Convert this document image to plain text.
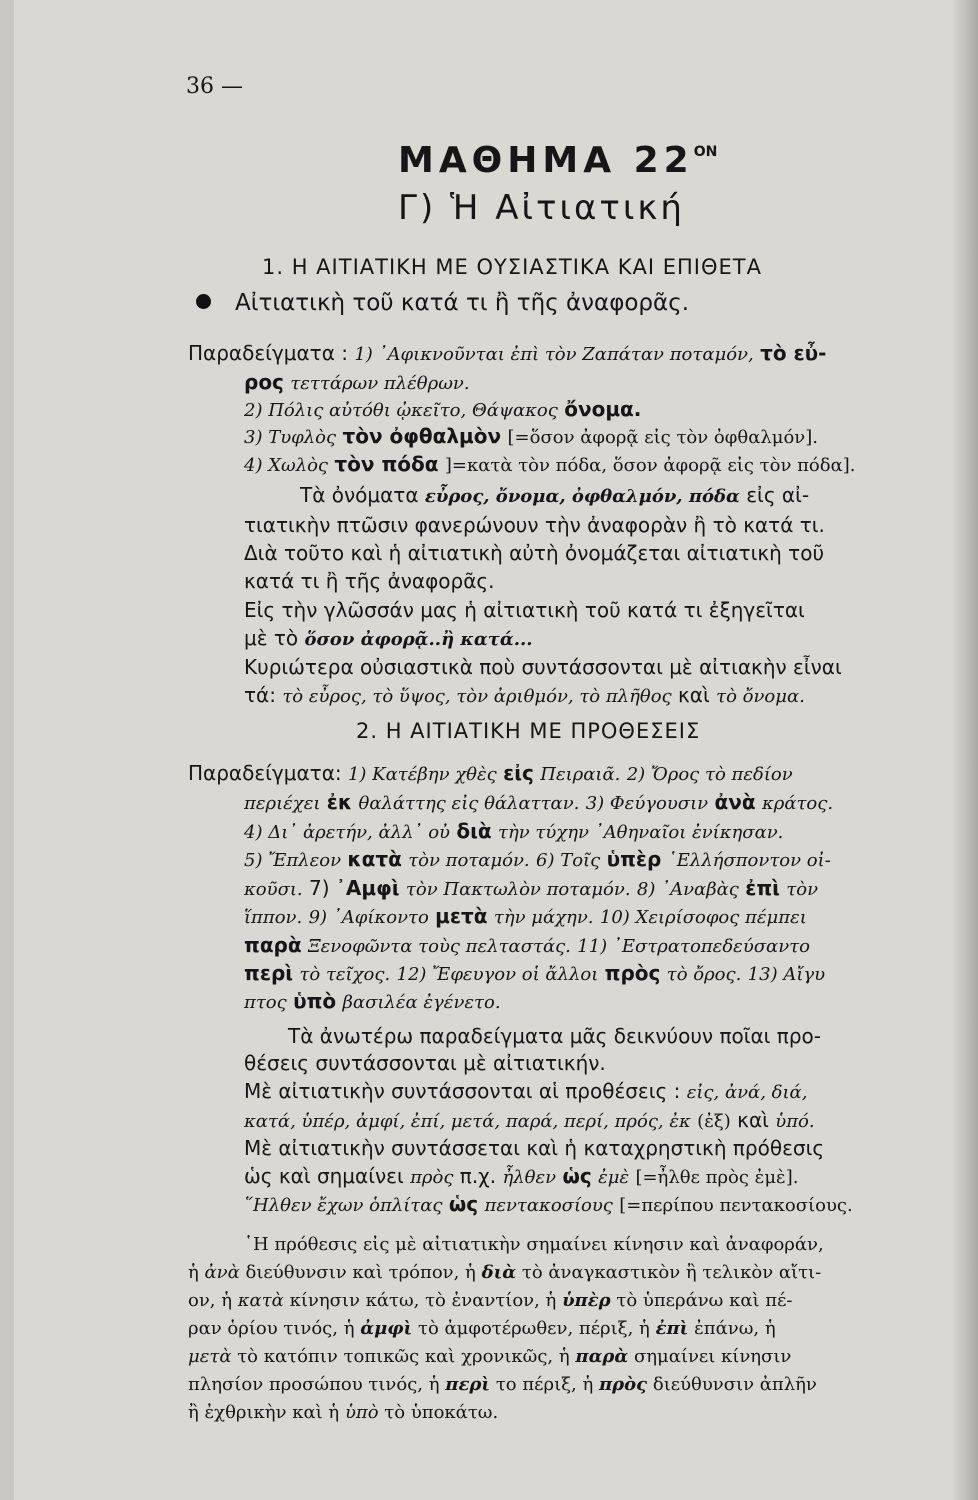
36 —
ΜΑΘΗΜΑ $22^{ON}$
Γ) Ἡ Αἰτιατική
1. Η ΑΙΤΙΑΤΙΚΗ ΜΕ ΟΥΣΙΑΣΤΙΚΑ ΚΑΙ ΕΠΙΘΕΤΑ
Αἰτιατικὴ τοῦ κατά τι ἢ τῆς ἀναφορᾶς.
Παραδείγματα : 1) ᾿Αφικνοῦνται ἐπὶ τὸν Ζαπάταν ποταμόν, τὸ εὖ-
ρος τεττάρων πλέθρων.
2) Πόλις αὐτόθι ᾠκεῖτο, Θάψακος ὄνομα.
3) Τυφλὸς τὸν ὀφθαλμὸν [=ὅσον ἀφορᾷ εἰς τὸν ὀφθαλμόν].
4) Χωλὸς τὸν πόδα ]=κατὰ τὸν πόδα, ὅσον ἀφορᾷ εἰς τὸν πόδα].
Τὰ ὀνόματα εὖρος, ὄνομα, ὀφθαλμόν, πόδα εἰς αἰ-
τιατικὴν πτῶσιν φανερώνουν τὴν ἀναφορὰν ἢ τὸ κατά τι.
Διὰ τοῦτο καὶ ἡ αἰτιατικὴ αὐτὴ ὀνομάζεται αἰτιατικὴ τοῦ
κατά τι ἢ τῆς ἀναφορᾶς.
Εἰς τὴν γλῶσσάν μας ἡ αἰτιατικὴ τοῦ κατά τι ἐξηγεῖται
μὲ τὸ ὅσον ἀφορᾷ..ἢ κατά...
Κυριώτερα οὐσιαστικὰ ποὺ συντάσσονται μὲ αἰτιακὴν εἶναι
τά: τὸ εὖρος, τὸ ὕψος, τὸν ἀριθμόν, τὸ πλῆθος καὶ τὸ ὄνομα.
2. Η ΑΙΤΙΑΤΙΚΗ ΜΕ ΠΡΟΘΕΣΕΙΣ
Παραδείγματα: 1) Κατέβην χθὲς εἰς Πειραιᾶ. 2) Ὄρος τὸ πεδίον
περιέχει ἐκ θαλάττης εἰς θάλατταν. 3) Φεύγουσιν ἀνὰ κράτος.
4) Δι᾿ ἀρετήν, ἀλλ᾿ οὐ διὰ τὴν τύχην ᾿Αθηναῖοι ἐνίκησαν.
5) Ἔπλεον κατὰ τὸν ποταμόν. 6) Τοῖς ὑπὲρ ῾Ελλήσποντον οἰ-
κοῦσι. 7) ᾿Αμφὶ τὸν Πακτωλὸν ποταμόν. 8) ᾿Αναβὰς ἐπὶ τὸν
ἵππον. 9) ᾿Αφίκοντο μετὰ τὴν μάχην. 10) Χειρίσοφος πέμπει
παρὰ Ξενοφῶντα τοὺς πελταστάς. 11) ᾿Εστρατοπεδεύσαντο
περὶ τὸ τεῖχος. 12) Ἔφευγον οἱ ἄλλοι πρὸς τὸ ὄρος. 13) Αἴγυ
πτος ὑπὸ βασιλέα ἐγένετο.
Τὰ ἀνωτέρω παραδείγματα μᾶς δεικνύουν ποῖαι προ-
θέσεις συντάσσονται μὲ αἰτιατικήν.
Μὲ αἰτιατικὴν συντάσσονται αἱ προθέσεις : εἰς, ἀνά, διά,
κατά, ὑπέρ, ἀμφί, ἐπί, μετά, παρά, περί, πρός, ἐκ (ἐξ) καὶ ὑπό.
Μὲ αἰτιατικὴν συντάσσεται καὶ ἡ καταχρηστικὴ πρόθεσις
ὡς καὶ σημαίνει πρὸς π.χ. ἦλθεν ὡς ἐμὲ [=ἦλθε πρὸς ἐμὲ].
῞Ηλθεν ἔχων ὁπλίτας ὡς πεντακοσίους [=περίπου πεντακοσίους.
῾Η πρόθεσις εἰς μὲ αἰτιατικὴν σημαίνει κίνησιν καὶ ἀναφοράν,
ἡ ἀνὰ διεύθυνσιν καὶ τρόπον, ἡ διὰ τὸ ἀναγκαστικὸν ἢ τελικὸν αἴτι-
ον, ἡ κατὰ κίνησιν κάτω, τὸ ἐναντίον, ἡ ὑπὲρ τὸ ὑπεράνω καὶ πέ-
ραν ὁρίου τινός, ἡ ἀμφὶ τὸ ἀμφοτέρωθεν, πέριξ, ἡ ἐπὶ ἐπάνω, ἡ
μετὰ τὸ κατόπιν τοπικῶς καὶ χρονικῶς, ἡ παρὰ σημαίνει κίνησιν
πλησίον προσώπου τινός, ἡ περὶ το πέριξ, ἡ πρὸς διεύθυνσιν ἀπλῆν
ἢ ἐχθρικὴν καὶ ἡ ὑπὸ τὸ ὑποκάτω.
